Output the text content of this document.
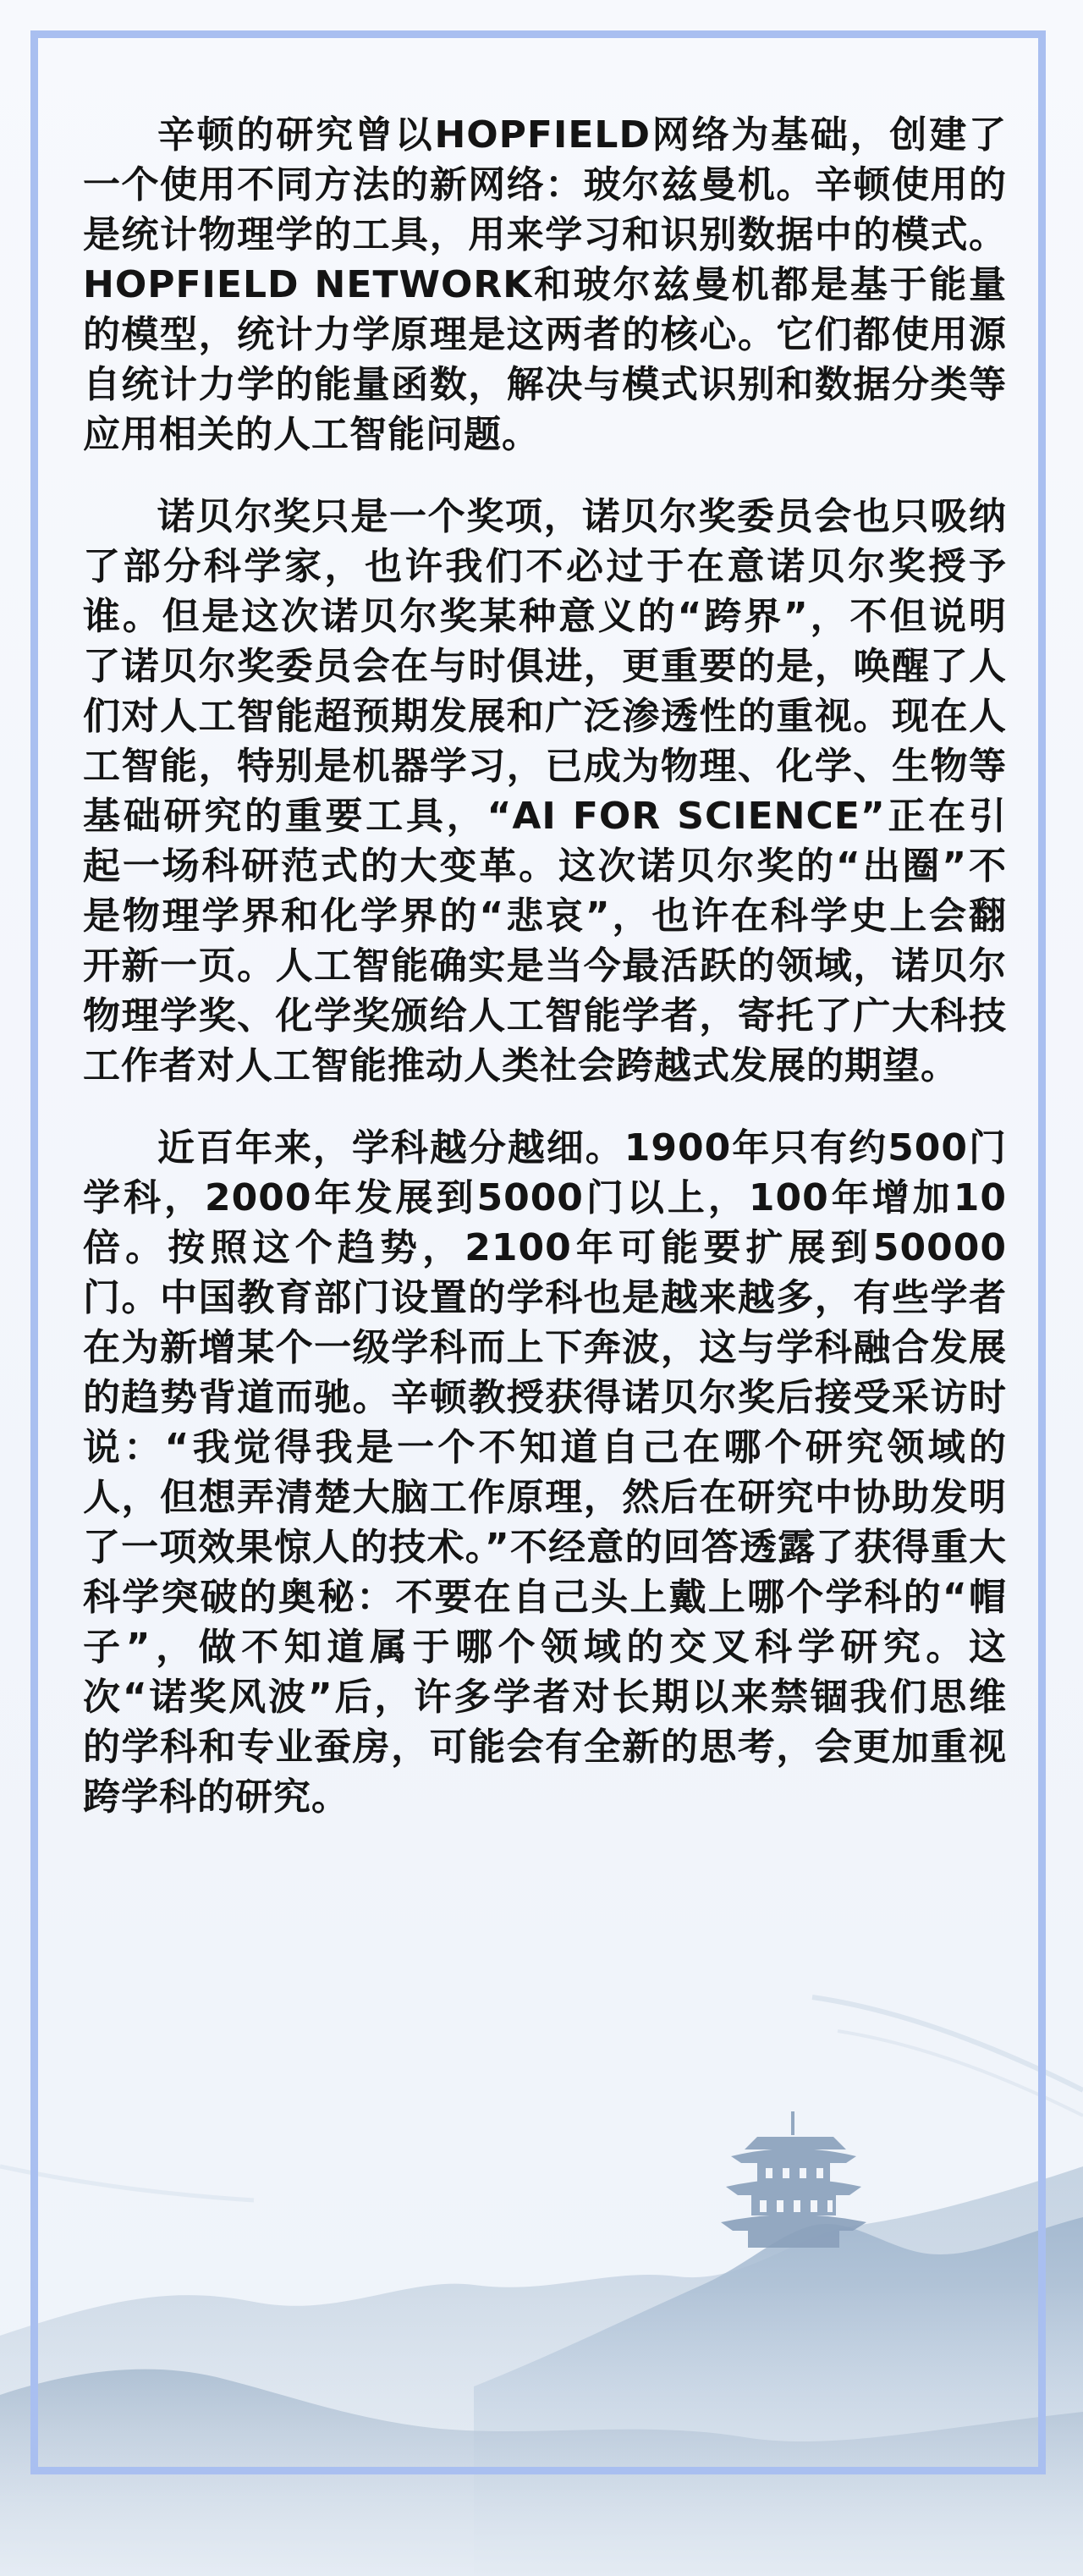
辛顿的研究曾以HOPFIELD网络为基础，创建了一个使用不同方法的新网络：玻尔兹曼机。辛顿使用的是统计物理学的工具，用来学习和识别数据中的模式。HOPFIELD NETWORK和玻尔兹曼机都是基于能量的模型，统计力学原理是这两者的核心。它们都使用源自统计力学的能量函数，解决与模式识别和数据分类等应用相关的人工智能问题。

诺贝尔奖只是一个奖项，诺贝尔奖委员会也只吸纳了部分科学家，也许我们不必过于在意诺贝尔奖授予谁。但是这次诺贝尔奖某种意义的“跨界”，不但说明了诺贝尔奖委员会在与时俱进，更重要的是，唤醒了人们对人工智能超预期发展和广泛渗透性的重视。现在人工智能，特别是机器学习，已成为物理、化学、生物等基础研究的重要工具，“AI FOR SCIENCE”正在引起一场科研范式的大变革。这次诺贝尔奖的“出圈”不是物理学界和化学界的“悲哀”，也许在科学史上会翻开新一页。人工智能确实是当今最活跃的领域，诺贝尔物理学奖、化学奖颁给人工智能学者，寄托了广大科技工作者对人工智能推动人类社会跨越式发展的期望。

近百年来，学科越分越细。1900年只有约500门学科，2000年发展到5000门以上，100年增加10倍。按照这个趋势，2100年可能要扩展到50000门。中国教育部门设置的学科也是越来越多，有些学者在为新增某个一级学科而上下奔波，这与学科融合发展的趋势背道而驰。辛顿教授获得诺贝尔奖后接受采访时说：“我觉得我是一个不知道自己在哪个研究领域的人，但想弄清楚大脑工作原理，然后在研究中协助发明了一项效果惊人的技术。”不经意的回答透露了获得重大科学突破的奥秘：不要在自己头上戴上哪个学科的“帽子”，做不知道属于哪个领域的交叉科学研究。这次“诺奖风波”后，许多学者对长期以来禁锢我们思维的学科和专业蚕房，可能会有全新的思考，会更加重视跨学科的研究。
